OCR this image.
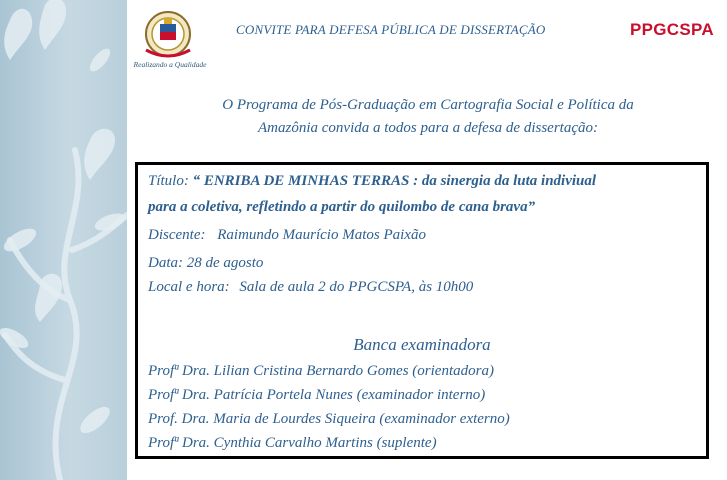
Realizando a Qualidade
CONVITE PARA DEFESA PÚBLICA DE DISSERTAÇÃO	PPGCSPA
O Programa de Pós-Graduação em Cartografia Social e Política da
Amazônia convida a todos para a defesa de dissertação:
Título: “ ENRIBA DE MINHAS TERRAS : da sinergia da luta indiviual
para a coletiva, refletindo a partir do quilombo de cana brava”
Discente: Raimundo Maurício Matos Paixão
Data: 28 de agosto
Local e hora: Sala de aula 2 do PPGCSPA, às 10h00
Banca examinadora
Profª Dra. Lilian Cristina Bernardo Gomes (orientadora)
Profª Dra. Patrícia Portela Nunes (examinador interno)
Prof. Dra. Maria de Lourdes Siqueira (examinador externo)
Profª Dra. Cynthia Carvalho Martins (suplente)
